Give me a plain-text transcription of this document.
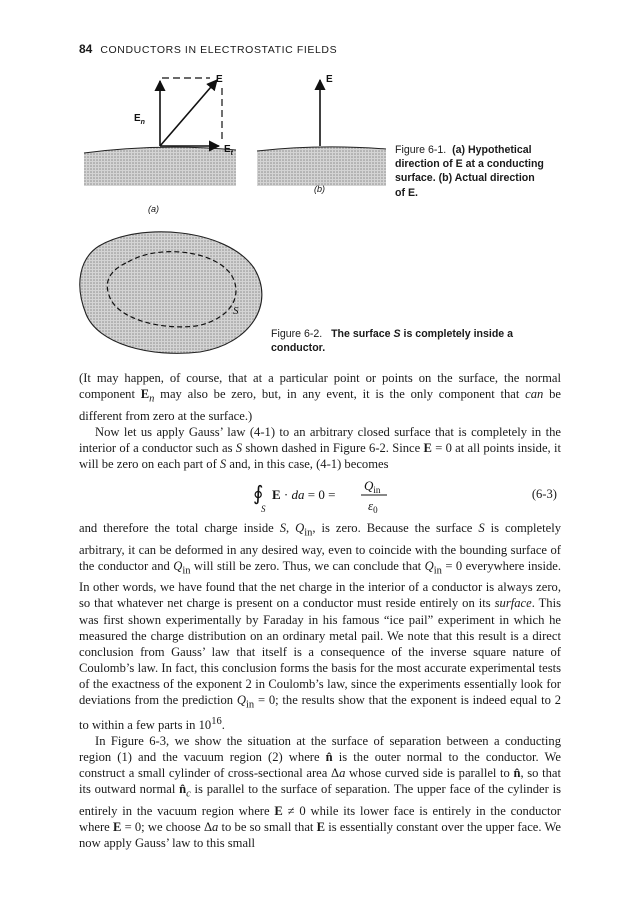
84 CONDUCTORS IN ELECTROSTATIC FIELDS
E
$E_n$
$E_t$
(a)
E
(b)
S
Figure 6-1. (a) Hypothetical
direction of E at a conducting
surface. (b) Actual direction
of E.
Figure 6-2. The surface S is completely inside a
conductor.

(It may happen, of course, that at a particular point or points on the surface, the normal component $E_n$ may also be zero, but, in any event, it is the only component that can be different from zero at the surface.)

Now let us apply Gauss’ law (4-1) to an arbitrary closed surface that is completely in the interior of a conductor such as S shown dashed in Figure 6-2. Since E = 0 at all points inside, it will be zero on each part of S and, in this case, (4-1) becomes

∮
S
E · da = 0 =
$Q_{in}$
$\varepsilon_0$
(6-3)

and therefore the total charge inside S, $Q_{in}$, is zero. Because the surface S is completely arbitrary, it can be deformed in any desired way, even to coincide with the bounding surface of the conductor and $Q_{in}$ will still be zero. Thus, we can conclude that $Q_{in} = 0$ everywhere inside. In other words, we have found that the net charge in the interior of a conductor is always zero, so that whatever net charge is present on a conductor must reside entirely on its surface. This was first shown experimentally by Faraday in his famous “ice pail” experiment in which he measured the charge distribution on an ordinary metal pail. We note that this result is a direct conclusion from Gauss’ law that itself is a consequence of the inverse square nature of Coulomb’s law. In fact, this conclusion forms the basis for the most accurate experimental tests of the exactness of the exponent 2 in Coulomb’s law, since the experiments essentially look for deviations from the prediction $Q_{in} = 0$; the results show that the exponent is indeed equal to 2 to within a few parts in $10^{16}$.

In Figure 6-3, we show the situation at the surface of separation between a conducting region (1) and the vacuum region (2) where n̂ is the outer normal to the conductor. We construct a small cylinder of cross-sectional area Δa whose curved side is parallel to n̂, so that its outward normal $n̂_c$ is parallel to the surface of separation. The upper face of the cylinder is entirely in the vacuum region where E ≠ 0 while its lower face is entirely in the conductor where E = 0; we choose Δa to be so small that E is essentially constant over the upper face. We now apply Gauss’ law to this small
